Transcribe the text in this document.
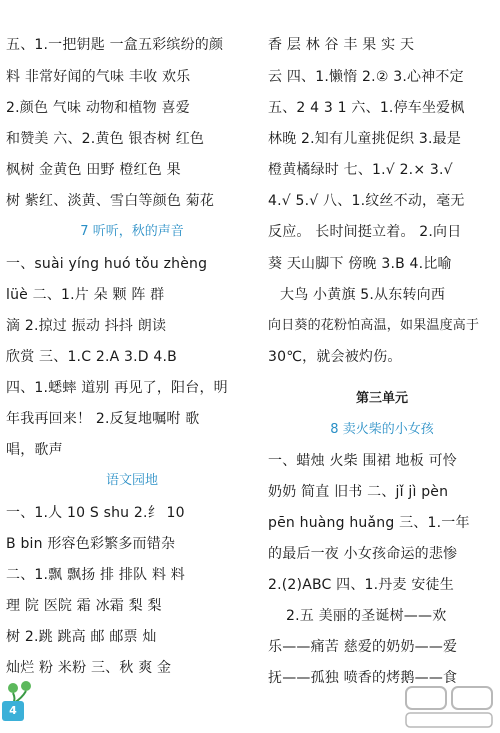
五、1.一把钥匙 一盒五彩缤纷的颜
料 非常好闻的气味 丰收 欢乐
2.颜色 气味 动物和植物 喜爱
和赞美 六、2.黄色 银杏树 红色
枫树 金黄色 田野 橙红色 果
树 紫红、淡黄、雪白等颜色 菊花
7 听听，秋的声音
一、suài yíng huó tǒu zhèng
lüè 二、1.片 朵 颗 阵 群
滴 2.掠过 振动 抖抖 朗读
欣赏 三、1.C 2.A 3.D 4.B
四、1.蟋蟀 道别 再见了，阳台，明
年我再回来！ 2.反复地嘱咐 歌
唱，歌声
语文园地
一、1.人 10 S shu 2.纟 10
B bin 形容色彩繁多而错杂
二、1.飘 飘扬 排 排队 料 料
理 院 医院 霜 冰霜 梨 梨
树 2.跳 跳高 邮 邮票 灿
灿烂 粉 米粉 三、秋 爽 金
香 层 林 谷 丰 果 实 天
云 四、1.懒惰 2.② 3.心神不定
五、2 4 3 1 六、1.停车坐爱枫
林晚 2.知有儿童挑促织 3.最是
橙黄橘绿时 七、1.√ 2.× 3.√
4.√ 5.√ 八、1.纹丝不动，毫无
反应。 长时间挺立着。 2.向日
葵 天山脚下 傍晚 3.B 4.比喻
大鸟 小黄旗 5.从东转向西
向日葵的花粉怕高温，如果温度高于
30℃，就会被灼伤。
第三单元
8 卖火柴的小女孩
一、蜡烛 火柴 围裙 地板 可怜
奶奶 简直 旧书 二、jǐ jì pèn
pēn huàng huǎng 三、1.一年
的最后一夜 小女孩命运的悲惨
2.(2)ABC 四、1.丹麦 安徒生
2.五 美丽的圣诞树——欢
乐——痛苦 慈爱的奶奶——爱
抚——孤独 喷香的烤鹅——食
4
